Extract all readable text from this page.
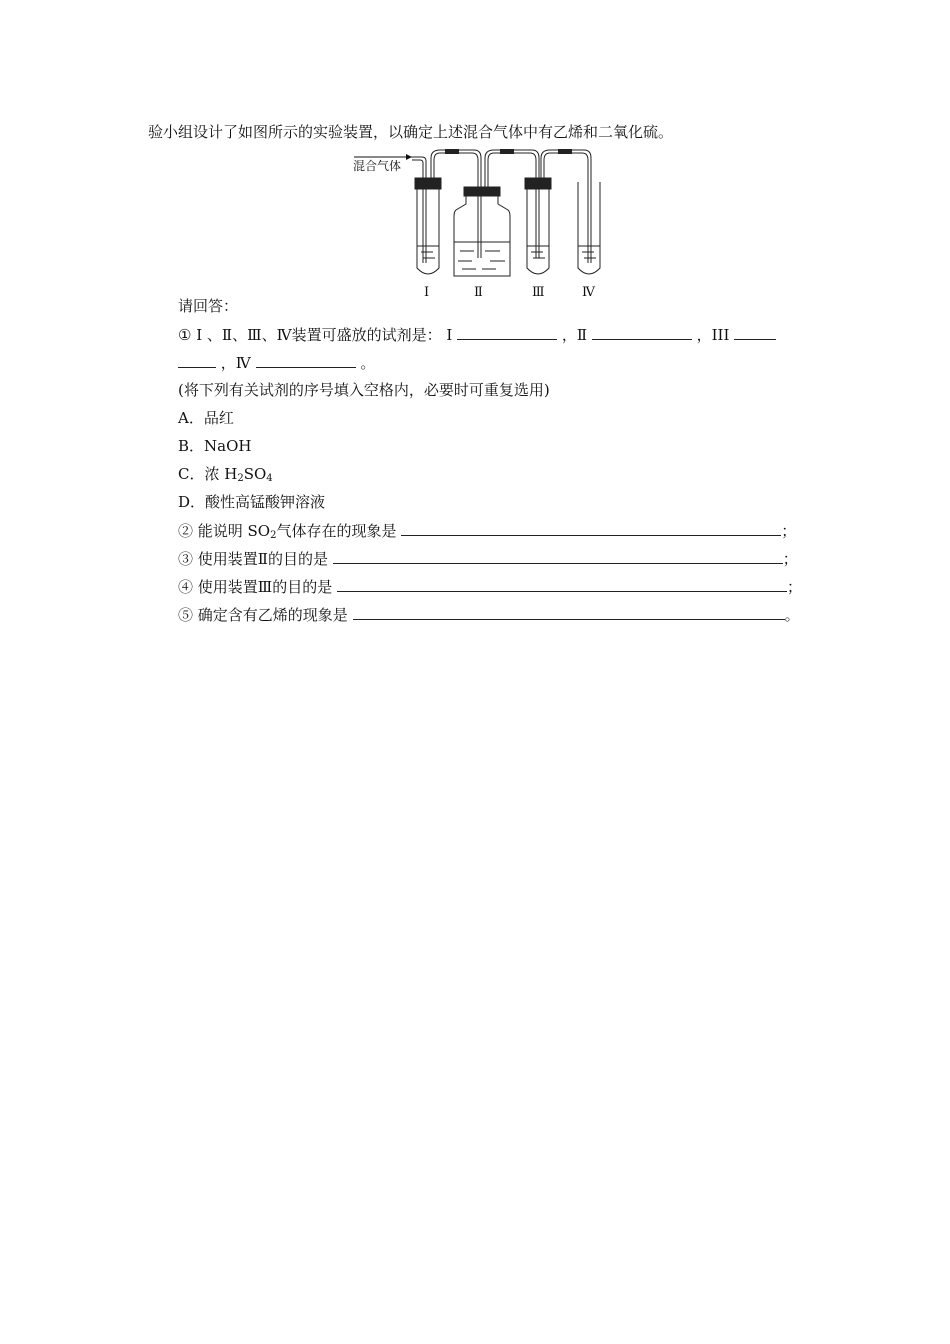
验小组设计了如图所示的实验装置，以确定上述混合气体中有乙烯和二氧化硫。
混合气体
Ⅰ	Ⅱ	Ⅲ	Ⅳ
请回答：
① Ⅰ 、Ⅱ、Ⅲ、Ⅳ装置可盛放的试剂是： Ⅰ	，Ⅱ	，III
，Ⅳ	。
(将下列有关试剂的序号填入空格内，必要时可重复选用)
A．品红
B．NaOH
C．浓 $H_2SO_4$
D．酸性高锰酸钾溶液
② 能说明 $SO_2$气体存在的现象是	；
③ 使用装置Ⅱ的目的是	；
④ 使用装置Ⅲ的目的是	；
⑤ 确定含有乙烯的现象是	。
